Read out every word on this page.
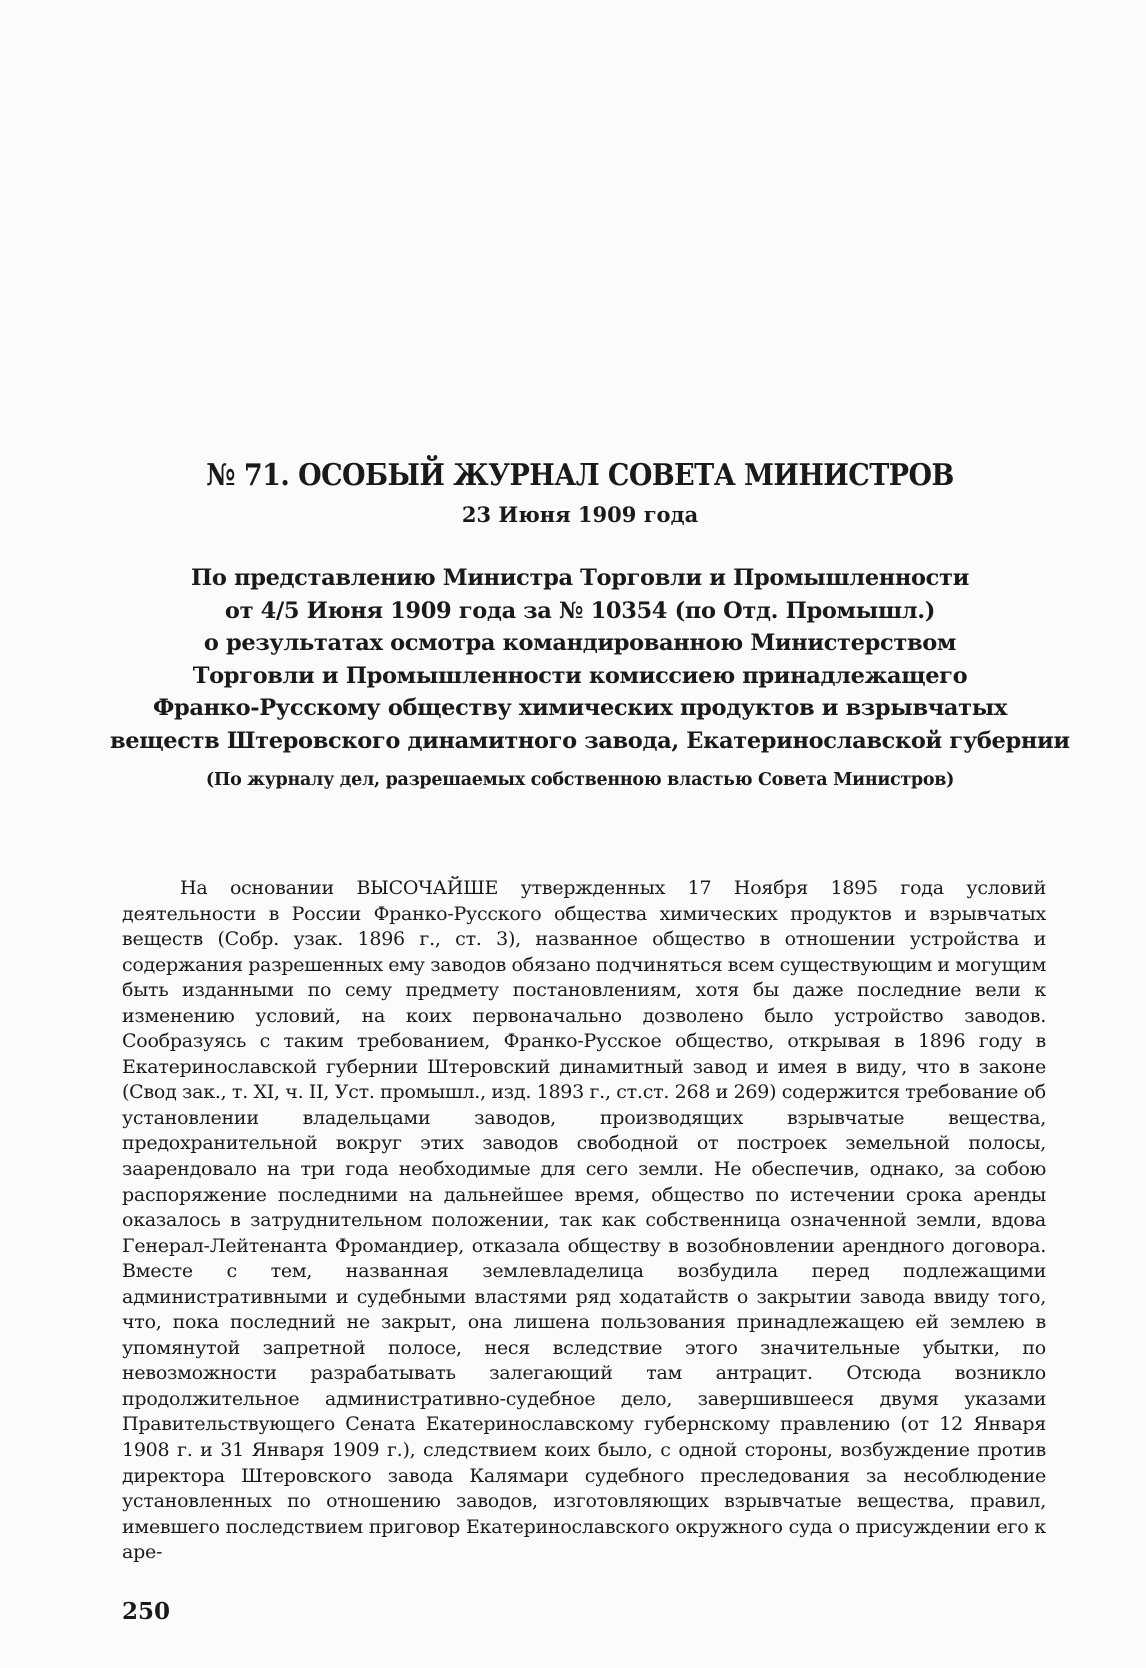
№ 71. ОСОБЫЙ ЖУРНАЛ СОВЕТА МИНИСТРОВ

23 Июня 1909 года

По представлению Министра Торговли и Промышленности
от 4/5 Июня 1909 года за № 10354 (по Отд. Промышл.)
о результатах осмотра командированною Министерством
Торговли и Промышленности комиссиею принадлежащего
Франко-Русскому обществу химических продуктов и взрывчатых
веществ Штеровского динамитного завода, Екатеринославской губернии

(По журналу дел, разрешаемых собственною властью Совета Министров)

На основании ВЫСОЧАЙШЕ утвержденных 17 Ноября 1895 года условий деятельности в России Франко-Русского общества химических продуктов и взрывчатых веществ (Собр. узак. 1896 г., ст. 3), названное общество в отношении устройства и содержания разрешенных ему заводов обязано подчиняться всем существующим и могущим быть изданными по сему предмету постановлениям, хотя бы даже последние вели к изменению условий, на коих первоначально дозволено было устройство заводов. Сообразуясь с таким требованием, Франко-Русское общество, открывая в 1896 году в Екатеринославской губернии Штеровский динамитный завод и имея в виду, что в законе (Свод зак., т. XI, ч. II, Уст. промышл., изд. 1893 г., ст.ст. 268 и 269) содержится требование об установлении владельцами заводов, производящих взрывчатые вещества, предохранительной вокруг этих заводов свободной от построек земельной полосы, заарендовало на три года необходимые для сего земли. Не обеспечив, однако, за собою распоряжение последними на дальнейшее время, общество по истечении срока аренды оказалось в затруднительном положении, так как собственница означенной земли, вдова Генерал-Лейтенанта Фромандиер, отказала обществу в возобновлении арендного договора. Вместе с тем, названная землевладелица возбудила перед подлежащими административными и судебными властями ряд ходатайств о закрытии завода ввиду того, что, пока последний не закрыт, она лишена пользования принадлежащею ей землею в упомянутой запретной полосе, неся вследствие этого значительные убытки, по невозможности разрабатывать залегающий там антрацит. Отсюда возникло продолжительное административно-судебное дело, завершившееся двумя указами Правительствующего Сената Екатеринославскому губернскому правлению (от 12 Января 1908 г. и 31 Января 1909 г.), следствием коих было, с одной стороны, возбуждение против директора Штеровского завода Калямари судебного преследования за несоблюдение установленных по отношению заводов, изготовляющих взрывчатые вещества, правил, имевшего последствием приговор Екатеринославского окружного суда о присуждении его к аре-

250
